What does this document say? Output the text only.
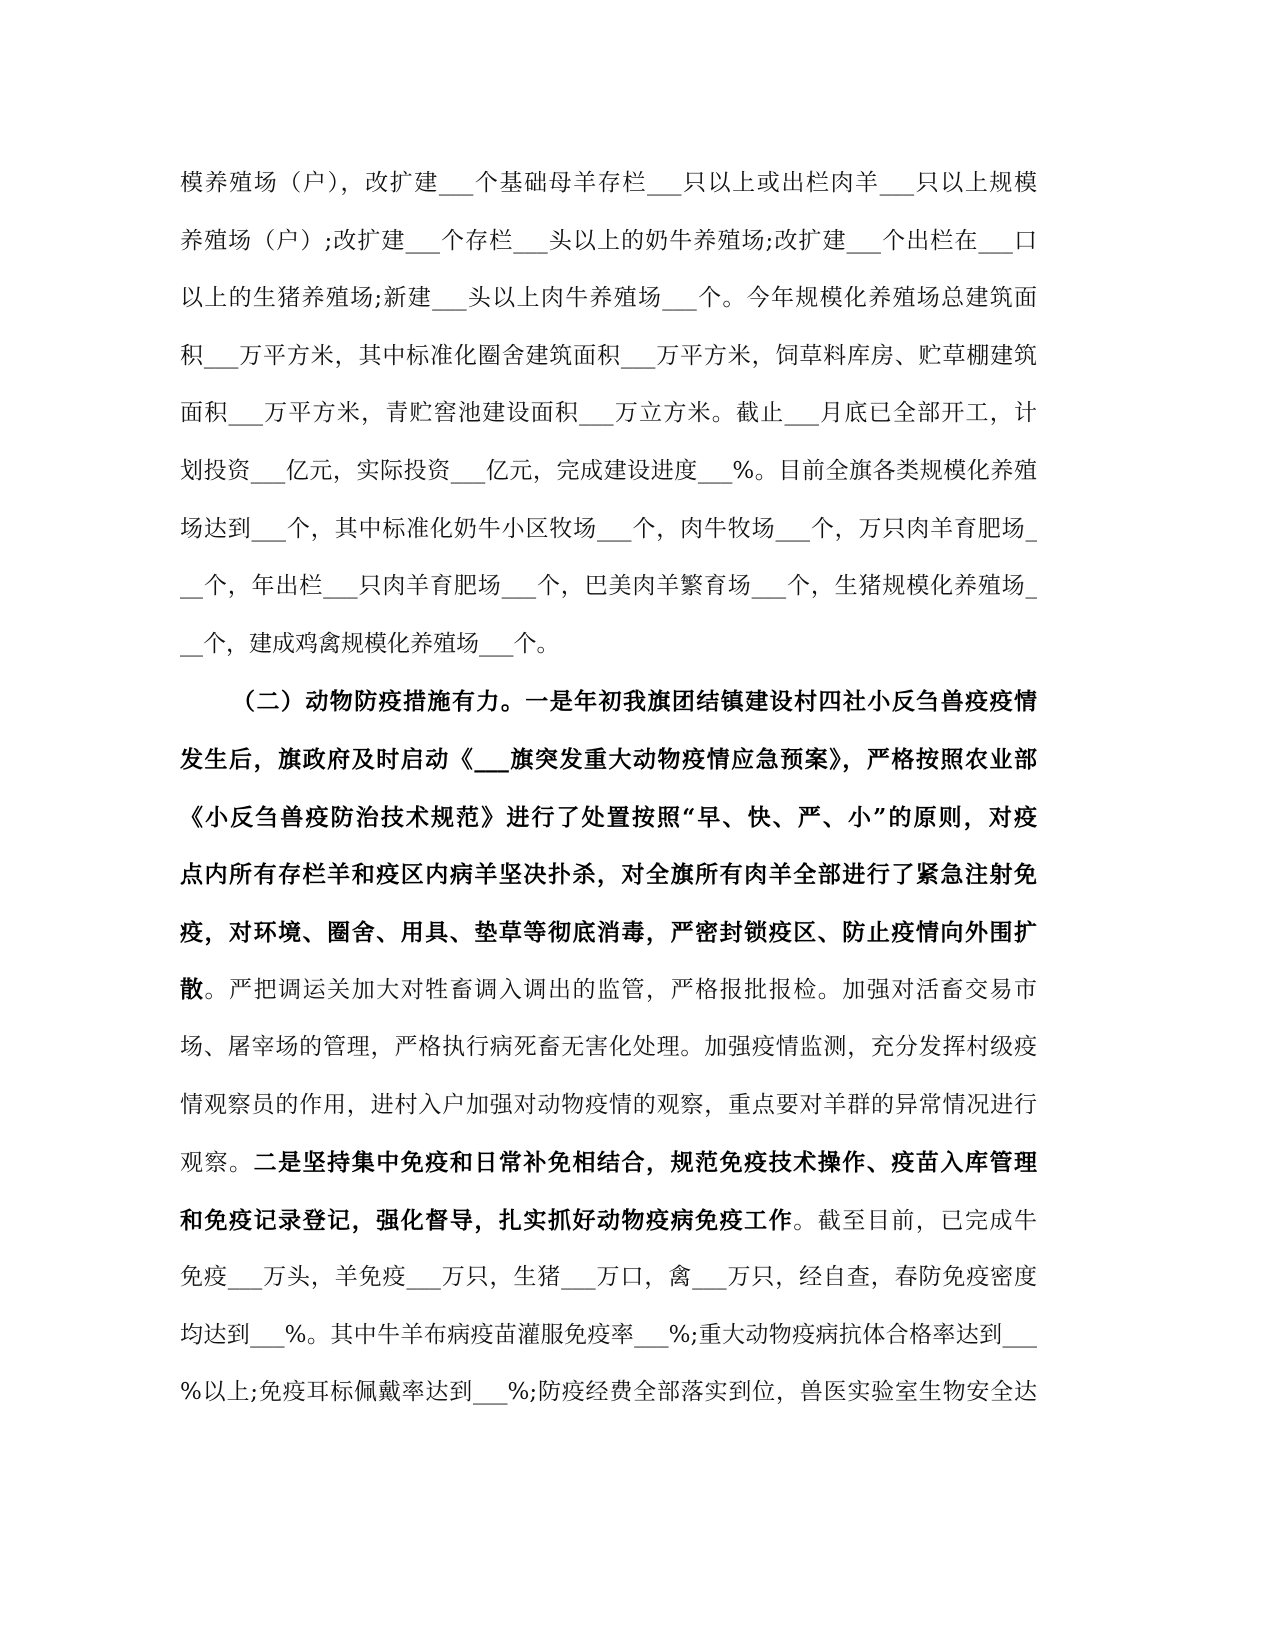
模养殖场（户），改扩建___个基础母羊存栏___只以上或出栏肉羊___只以上规模
养殖场（户）;改扩建___个存栏___头以上的奶牛养殖场;改扩建___个出栏在___口
以上的生猪养殖场;新建___头以上肉牛养殖场___个。今年规模化养殖场总建筑面
积___万平方米，其中标准化圈舍建筑面积___万平方米，饲草料库房、贮草棚建筑
面积___万平方米，青贮窖池建设面积___万立方米。截止___月底已全部开工，计
划投资___亿元，实际投资___亿元，完成建设进度___%。目前全旗各类规模化养殖
场达到___个，其中标准化奶牛小区牧场___个，肉牛牧场___个，万只肉羊育肥场_
__个，年出栏___只肉羊育肥场___个，巴美肉羊繁育场___个，生猪规模化养殖场_
__个，建成鸡禽规模化养殖场___个。
（二）动物防疫措施有力。一是年初我旗团结镇建设村四社小反刍兽疫疫情
发生后，旗政府及时启动《___旗突发重大动物疫情应急预案》，严格按照农业部
《小反刍兽疫防治技术规范》进行了处置按照“早、快、严、小”的原则，对疫
点内所有存栏羊和疫区内病羊坚决扑杀，对全旗所有肉羊全部进行了紧急注射免
疫，对环境、圈舍、用具、垫草等彻底消毒，严密封锁疫区、防止疫情向外围扩
散。严把调运关加大对牲畜调入调出的监管，严格报批报检。加强对活畜交易市
场、屠宰场的管理，严格执行病死畜无害化处理。加强疫情监测，充分发挥村级疫
情观察员的作用，进村入户加强对动物疫情的观察，重点要对羊群的异常情况进行
观察。二是坚持集中免疫和日常补免相结合，规范免疫技术操作、疫苗入库管理
和免疫记录登记，强化督导，扎实抓好动物疫病免疫工作。截至目前，已完成牛
免疫___万头，羊免疫___万只，生猪___万口，禽___万只，经自查，春防免疫密度
均达到___%。其中牛羊布病疫苗灌服免疫率___%;重大动物疫病抗体合格率达到___
%以上;免疫耳标佩戴率达到___%;防疫经费全部落实到位，兽医实验室生物安全达
